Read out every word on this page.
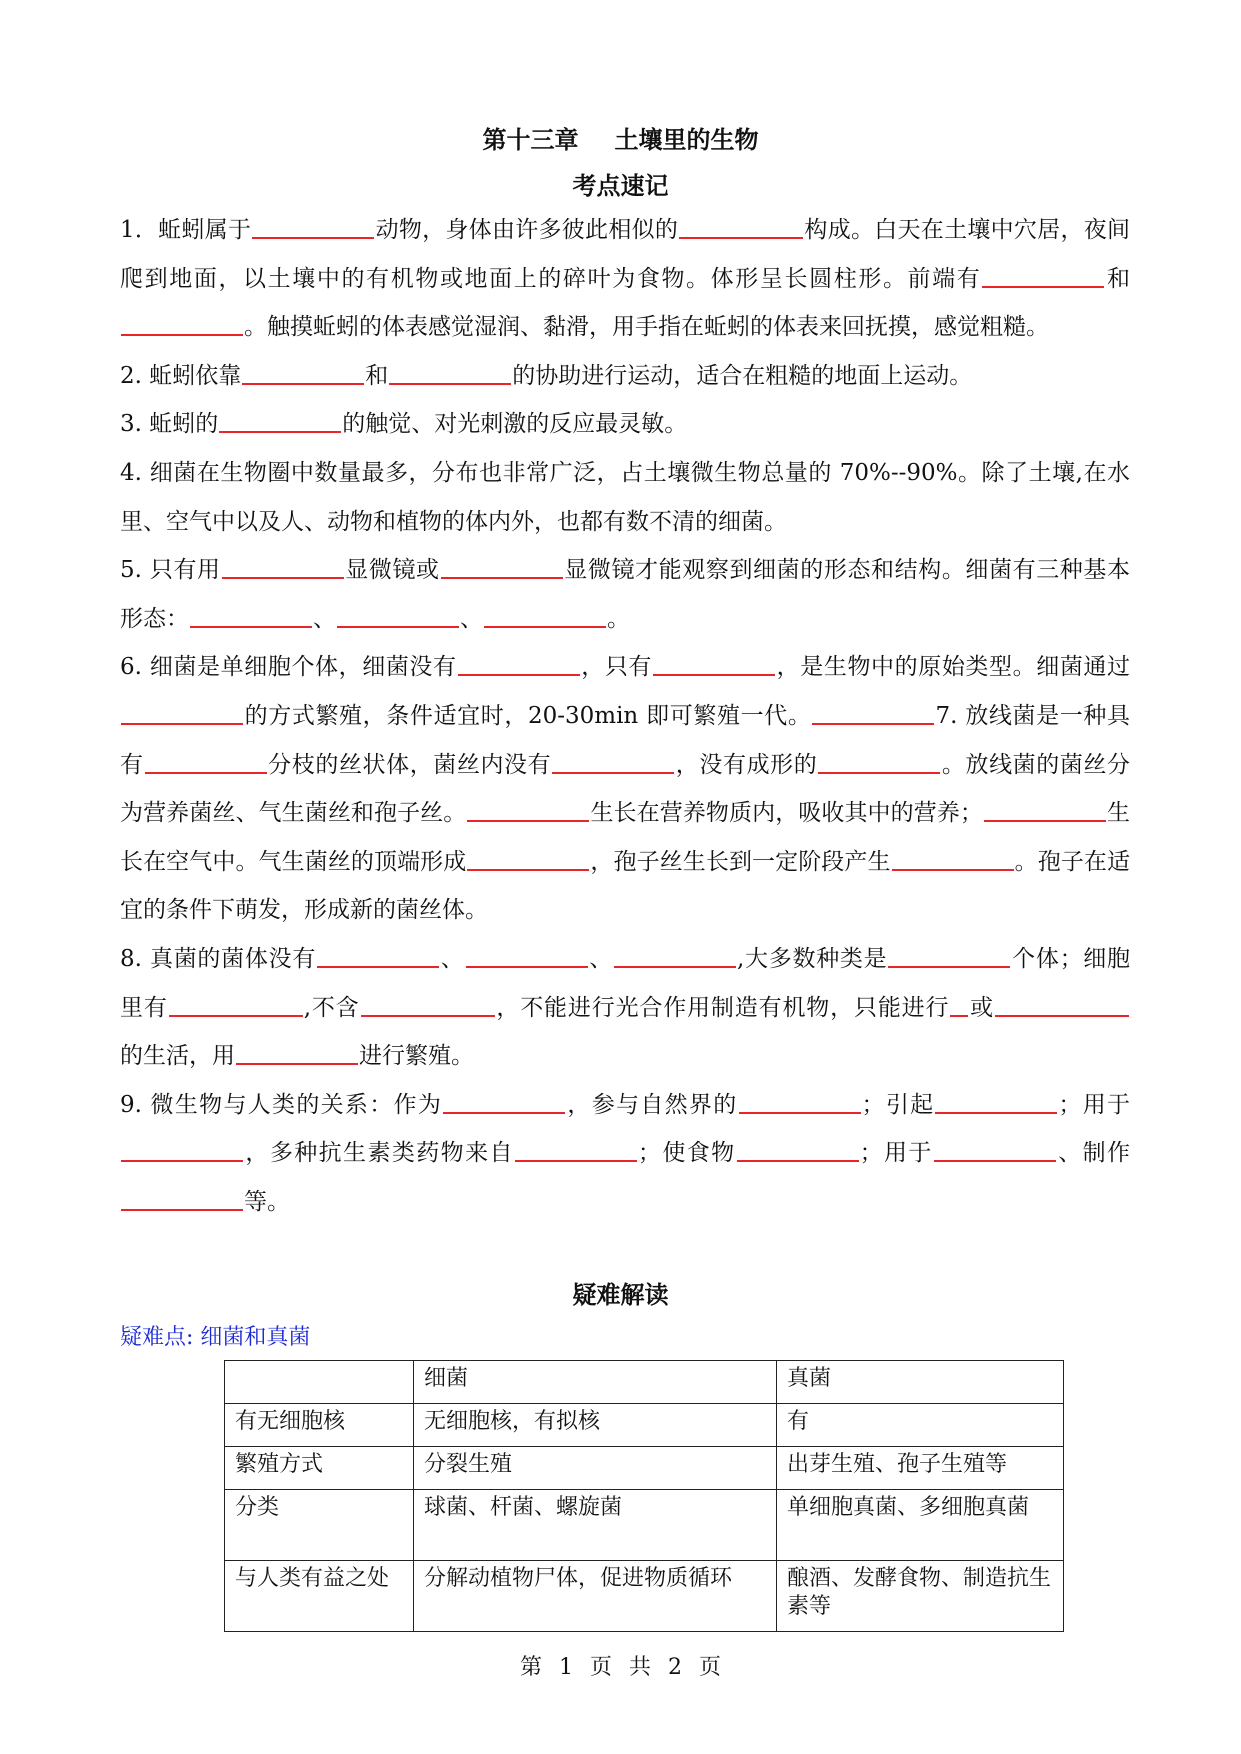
第十三章 土壤里的生物
考点速记

1．蚯蚓属于	动物，身体由许多彼此相似的	构成。白天在土壤中穴居，夜间爬到地面，以土壤中的有机物或地面上的碎叶为食物。体形呈长圆柱形。前端有	和。触摸蚯蚓的体表感觉湿润、黏滑，用手指在蚯蚓的体表来回抚摸，感觉粗糙。

2. 蚯蚓依靠	和	的协助进行运动，适合在粗糙的地面上运动。

3. 蚯蚓的	的触觉、对光刺激的反应最灵敏。

4. 细菌在生物圈中数量最多，分布也非常广泛，占土壤微生物总量的 70%--90%。除了土壤,在水里、空气中以及人、动物和植物的体内外，也都有数不清的细菌。

5. 只有用	显微镜或	显微镜才能观察到细菌的形态和结构。细菌有三种基本形态：	、	、	。

6. 细菌是单细胞个体，细菌没有	，只有	，是生物中的原始类型。细菌通过的方式繁殖，条件适宜时，20-30min 即可繁殖一代。	7. 放线菌是一种具有	分枝的丝状体，菌丝内没有	，没有成形的	。放线菌的菌丝分为营养菌丝、气生菌丝和孢子丝。	生长在营养物质内，吸收其中的营养；	生长在空气中。气生菌丝的顶端形成	，孢子丝生长到一定阶段产生	。孢子在适宜的条件下萌发，形成新的菌丝体。

8. 真菌的菌体没有	、	、	,大多数种类是	个体；细胞里有	,不含	，不能进行光合作用制造有机物，只能进行 或的生活，用	进行繁殖。

9. 微生物与人类的关系：作为	，参与自然界的	；引起	；用于，多种抗生素类药物来自	；使食物	；用于	、制作等。

疑难解读
疑难点: 细菌和真菌
	细菌	真菌
有无细胞核	无细胞核，有拟核	有
繁殖方式	分裂生殖	出芽生殖、孢子生殖等
分类	球菌、杆菌、螺旋菌	单细胞真菌、多细胞真菌
与人类有益之处	分解动植物尸体，促进物质循环	酿酒、发酵食物、制造抗生素等
第 1 页 共 2 页
